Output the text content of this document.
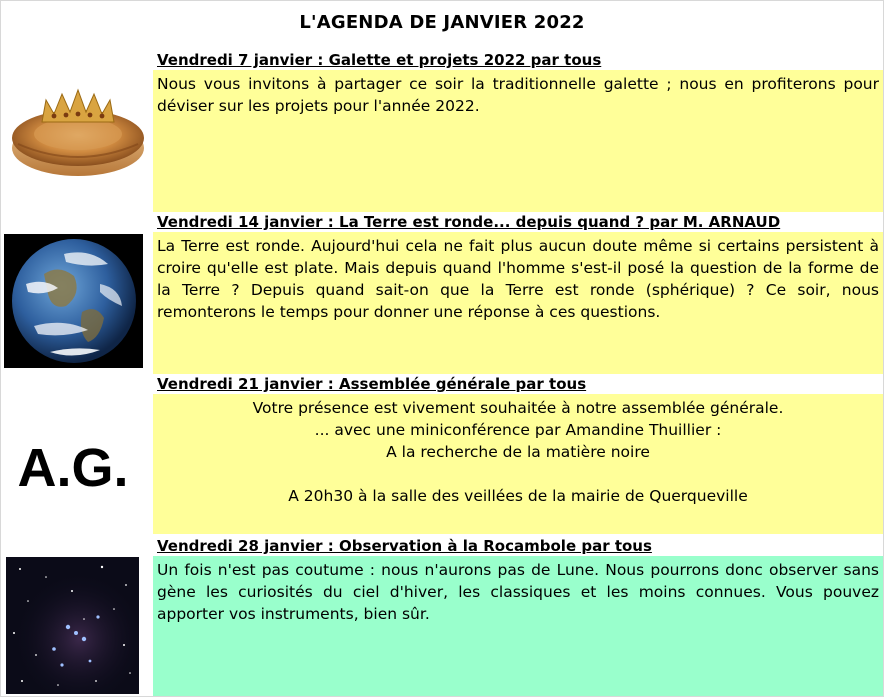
L'AGENDA DE JANVIER 2022
Vendredi 7 janvier : Galette et projets 2022 par tous
Nous vous invitons à partager ce soir la traditionnelle galette ; nous en profiterons pour déviser sur les projets pour l'année 2022.
Vendredi 14 janvier : La Terre est ronde... depuis quand ? par M. ARNAUD
La Terre est ronde. Aujourd'hui cela ne fait plus aucun doute même si certains persistent à croire qu'elle est plate. Mais depuis quand l'homme s'est-il posé la question de la forme de la Terre ? Depuis quand sait-on que la Terre est ronde (sphérique) ? Ce soir, nous remonterons le temps pour donner une réponse à ces questions.
A.G.
Vendredi 21 janvier : Assemblée générale par tous

Votre présence est vivement souhaitée à notre assemblée générale.

... avec une miniconférence par Amandine Thuillier :

A la recherche de la matière noire

A 20h30 à la salle des veillées de la mairie de Querqueville

Vendredi 28 janvier : Observation à la Rocambole par tous
Un fois n'est pas coutume : nous n'aurons pas de Lune. Nous pourrons donc observer sans gène les curiosités du ciel d'hiver, les classiques et les moins connues. Vous pouvez apporter vos instruments, bien sûr.
